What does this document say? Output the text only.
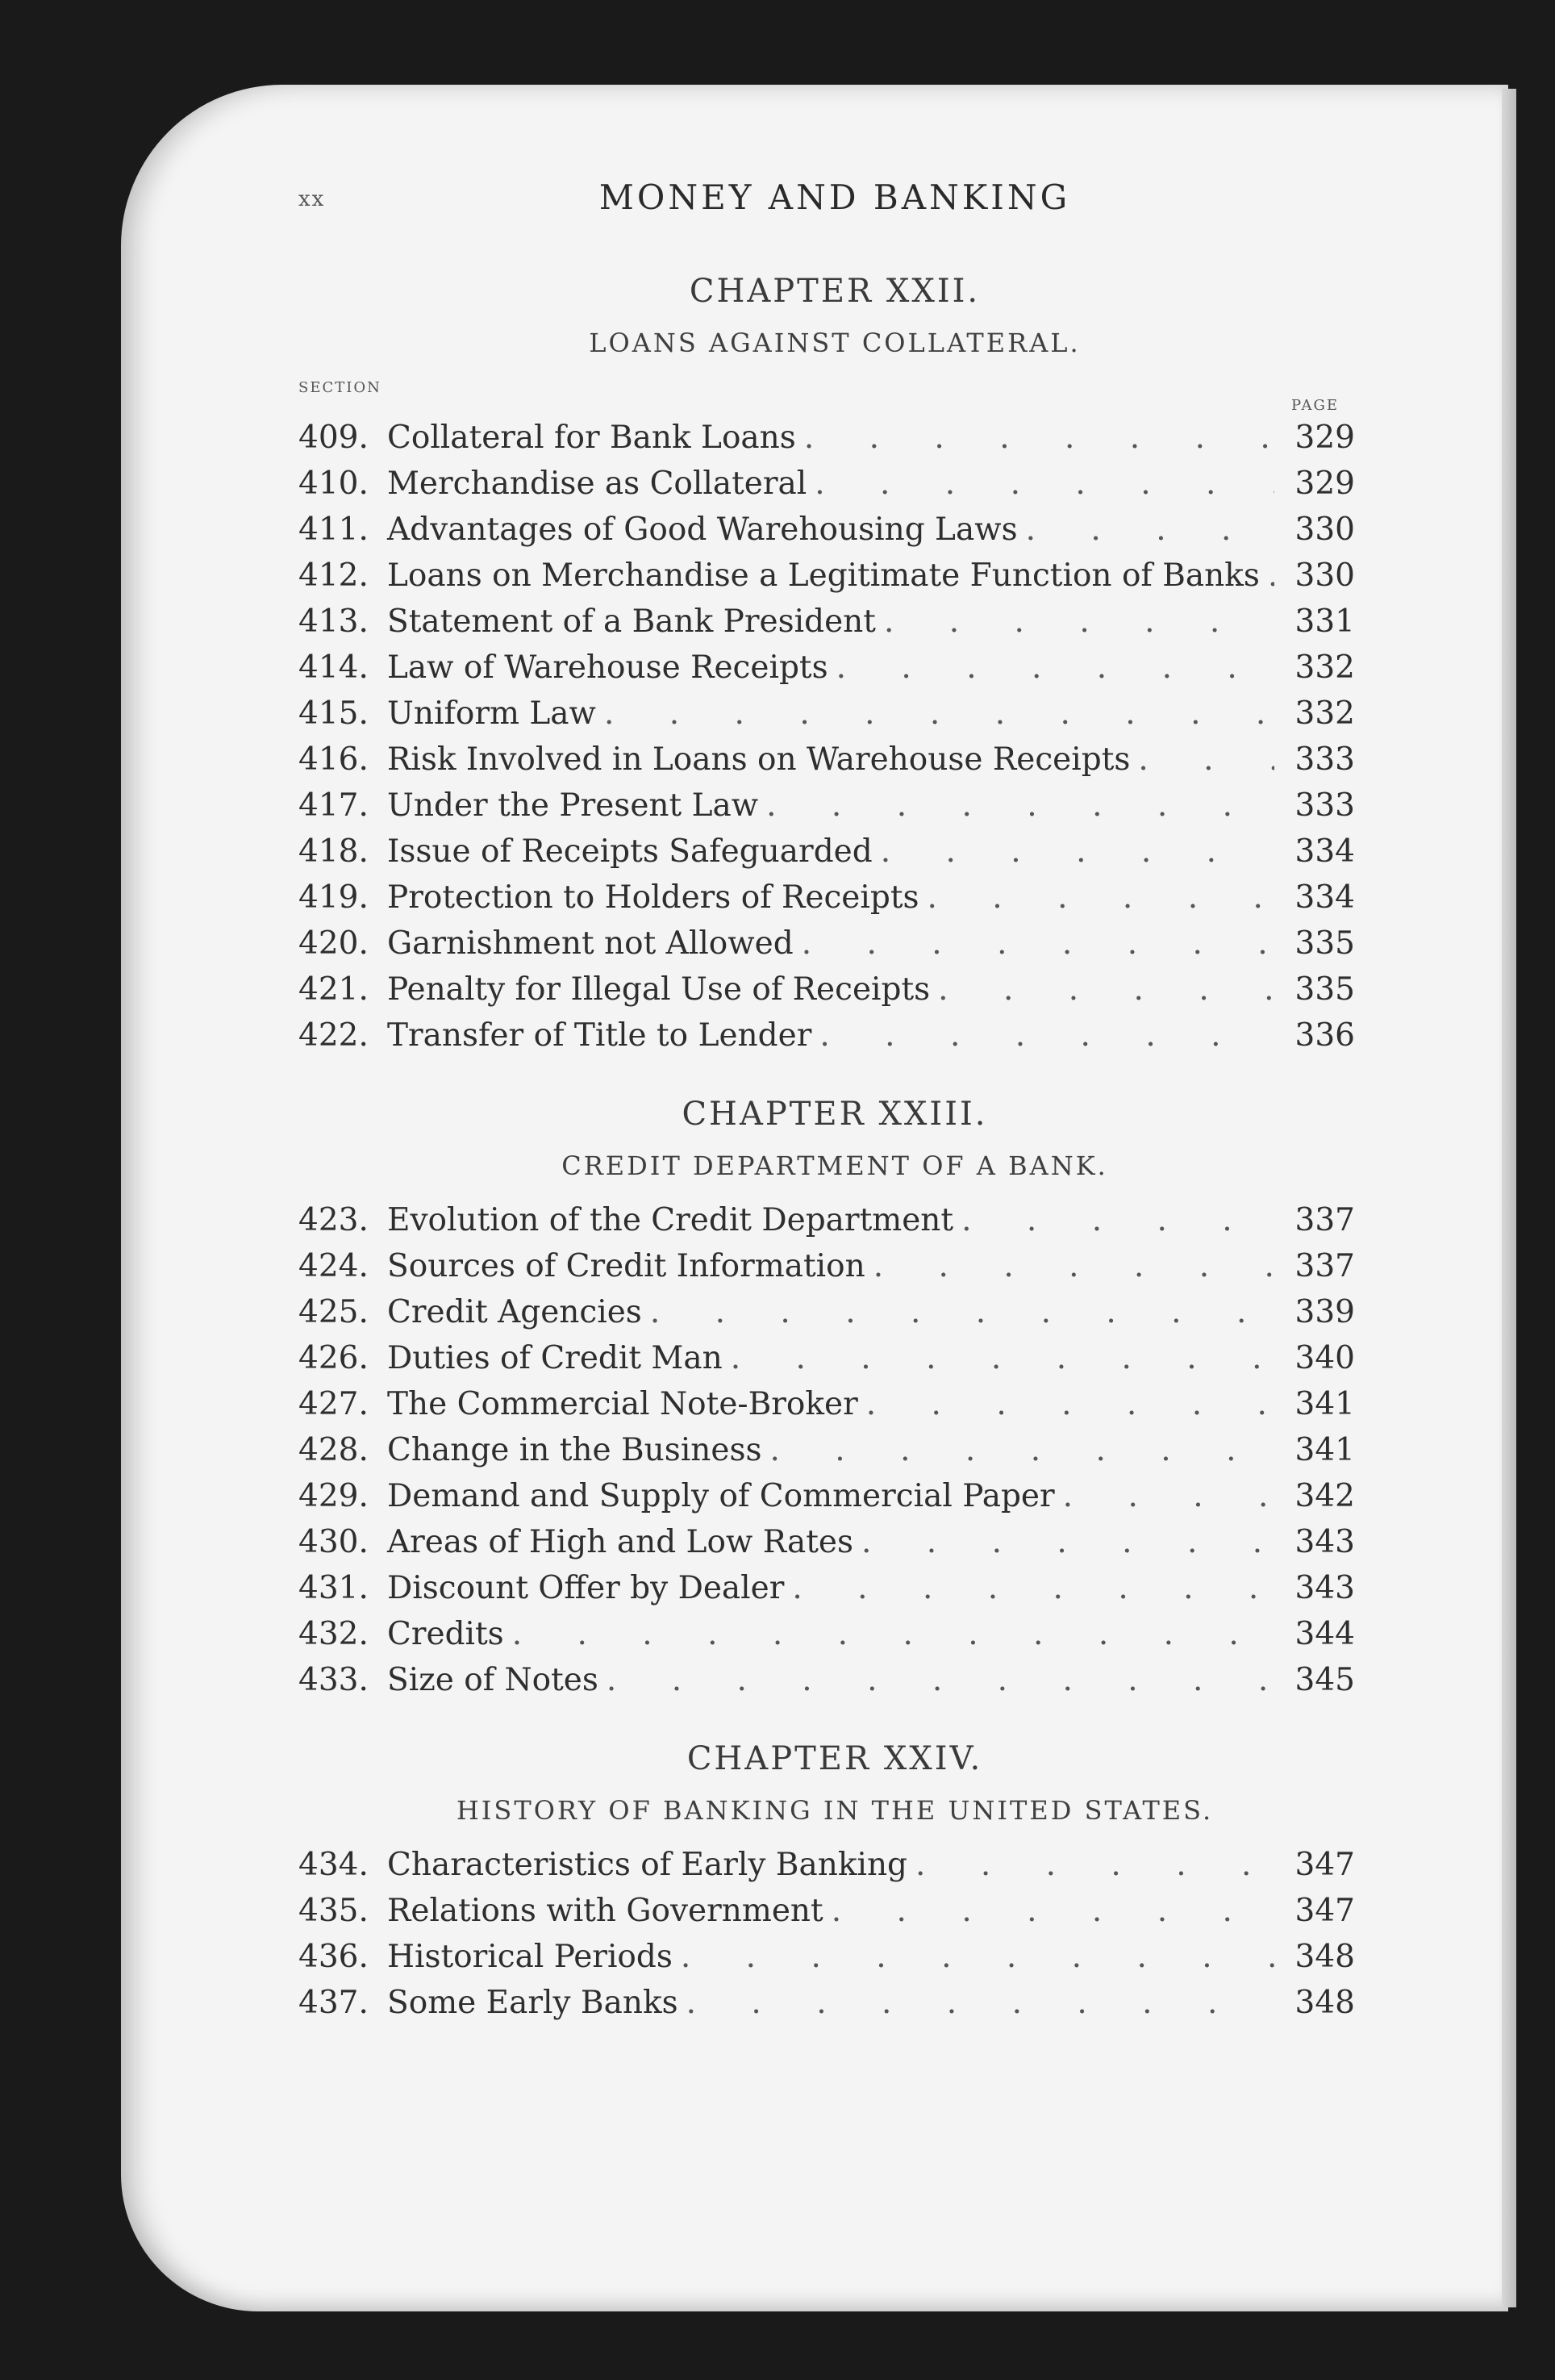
xx	MONEY AND BANKING
CHAPTER XXII.
LOANS AGAINST COLLATERAL.
SECTION
PAGE
409. Collateral for Bank Loans . . .	329
410. Merchandise as Collateral . . .	329
411. Advantages of Good Warehousing Laws . . .	330
412. Loans on Merchandise a Legitimate Function of Banks . . .	330
413. Statement of a Bank President . . .	331
414. Law of Warehouse Receipts . . .	332
415. Uniform Law . . .	332
416. Risk Involved in Loans on Warehouse Receipts . . .	333
417. Under the Present Law . . .	333
418. Issue of Receipts Safeguarded . . .	334
419. Protection to Holders of Receipts . . .	334
420. Garnishment not Allowed . . .	335
421. Penalty for Illegal Use of Receipts . . .	335
422. Transfer of Title to Lender . . .	336
CHAPTER XXIII.
CREDIT DEPARTMENT OF A BANK.
423. Evolution of the Credit Department . . .	337
424. Sources of Credit Information . . .	337
425. Credit Agencies . . .	339
426. Duties of Credit Man . . .	340
427. The Commercial Note-Broker . . .	341
428. Change in the Business . . .	341
429. Demand and Supply of Commercial Paper . . .	342
430. Areas of High and Low Rates . . .	343
431. Discount Offer by Dealer . . .	343
432. Credits . . .	344
433. Size of Notes . . .	345
CHAPTER XXIV.
HISTORY OF BANKING IN THE UNITED STATES.
434. Characteristics of Early Banking . . .	347
435. Relations with Government . . .	347
436. Historical Periods . . .	348
437. Some Early Banks . . .	348
